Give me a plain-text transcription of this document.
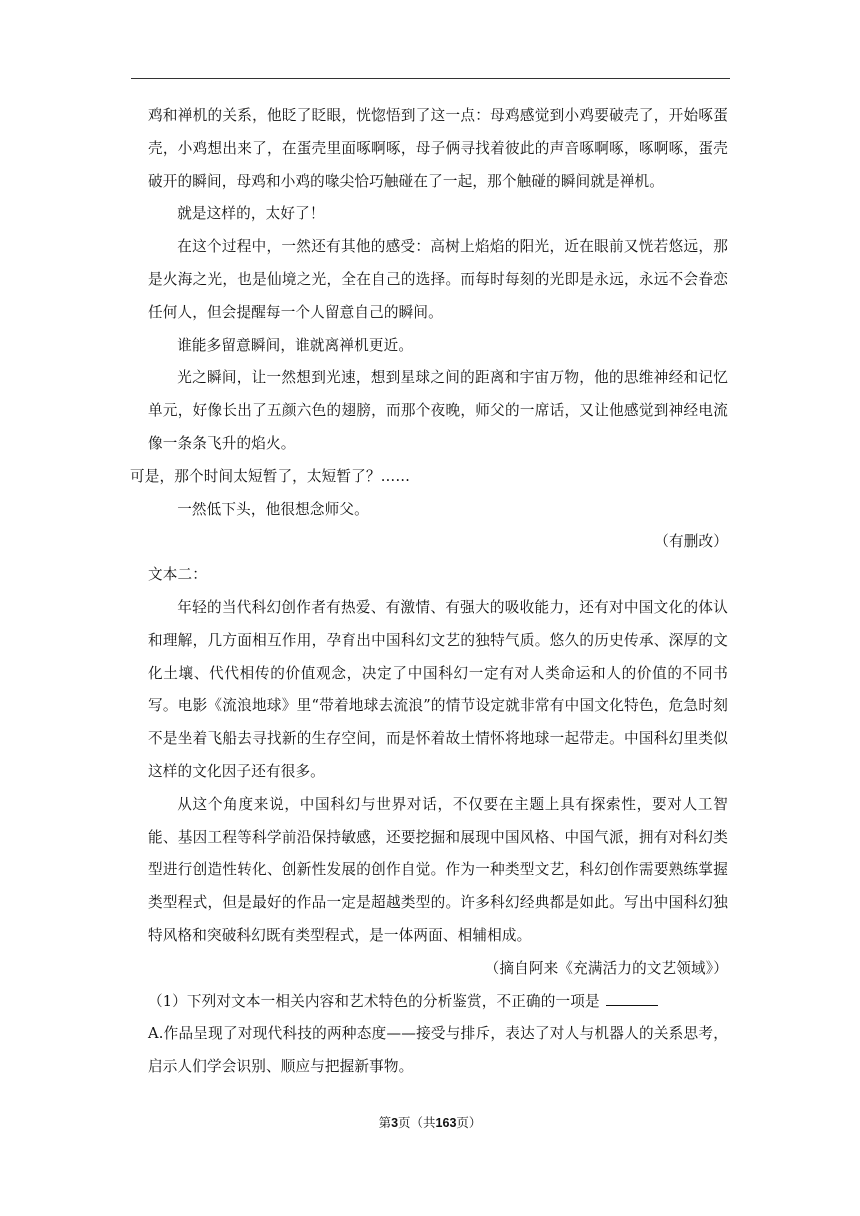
鸡和禅机的关系，他眨了眨眼，恍惚悟到了这一点：母鸡感觉到小鸡要破壳了，开始啄蛋壳，小鸡想出来了，在蛋壳里面啄啊啄，母子俩寻找着彼此的声音啄啊啄，啄啊啄，蛋壳破开的瞬间，母鸡和小鸡的喙尖恰巧触碰在了一起，那个触碰的瞬间就是禅机。

就是这样的，太好了！

在这个过程中，一然还有其他的感受：高树上焰焰的阳光，近在眼前又恍若悠远，那是火海之光，也是仙境之光，全在自己的选择。而每时每刻的光即是永远，永远不会眷恋任何人，但会提醒每一个人留意自己的瞬间。

谁能多留意瞬间，谁就离禅机更近。

光之瞬间，让一然想到光速，想到星球之间的距离和宇宙万物，他的思维神经和记忆单元，好像长出了五颜六色的翅膀，而那个夜晚，师父的一席话，又让他感觉到神经电流像一条条飞升的焰火。

可是，那个时间太短暂了，太短暂了？……

一然低下头，他很想念师父。

（有删改）

文本二：

年轻的当代科幻创作者有热爱、有激情、有强大的吸收能力，还有对中国文化的体认和理解，几方面相互作用，孕育出中国科幻文艺的独特气质。悠久的历史传承、深厚的文化土壤、代代相传的价值观念，决定了中国科幻一定有对人类命运和人的价值的不同书写。电影《流浪地球》里“带着地球去流浪”的情节设定就非常有中国文化特色，危急时刻不是坐着飞船去寻找新的生存空间，而是怀着故土情怀将地球一起带走。中国科幻里类似这样的文化因子还有很多。

从这个角度来说，中国科幻与世界对话，不仅要在主题上具有探索性，要对人工智能、基因工程等科学前沿保持敏感，还要挖掘和展现中国风格、中国气派，拥有对科幻类型进行创造性转化、创新性发展的创作自觉。作为一种类型文艺，科幻创作需要熟练掌握类型程式，但是最好的作品一定是超越类型的。许多科幻经典都是如此。写出中国科幻独特风格和突破科幻既有类型程式，是一体两面、相辅相成。

（摘自阿来《充满活力的文艺领域》）

（1）下列对文本一相关内容和艺术特色的分析鉴赏，不正确的一项是

A.作品呈现了对现代科技的两种态度——接受与排斥，表达了对人与机器人的关系思考，启示人们学会识别、顺应与把握新事物。

第3页（共163页）
